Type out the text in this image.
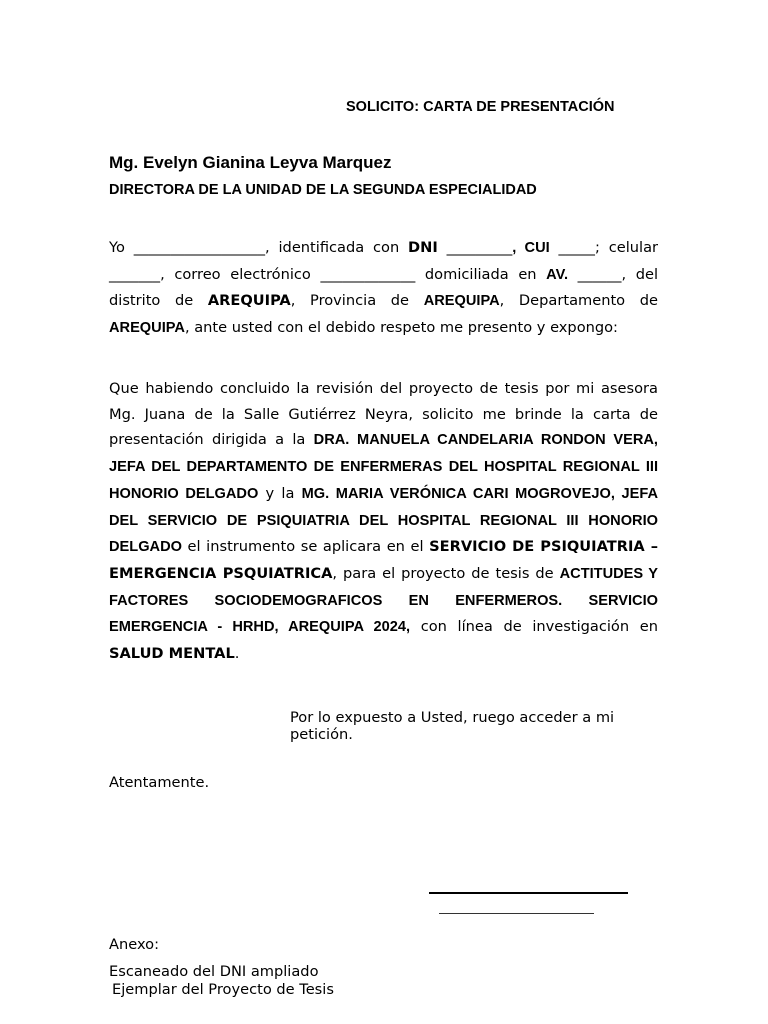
SOLICITO: CARTA DE PRESENTACIÓN
Mg. Evelyn Gianina Leyva Marquez
DIRECTORA DE LA UNIDAD DE LA SEGUNDA ESPECIALIDAD
Yo __________________, identificada con DNI _________, CUI _____; celular _______, correo electrónico _____________ domiciliada en AV. ______, del distrito de AREQUIPA, Provincia de AREQUIPA, Departamento de AREQUIPA, ante usted con el debido respeto me presento y expongo:
Que habiendo concluido la revisión del proyecto de tesis por mi asesora Mg. Juana de la Salle Gutiérrez Neyra, solicito me brinde la carta de presentación dirigida a la DRA. MANUELA CANDELARIA RONDON VERA, JEFA DEL DEPARTAMENTO DE ENFERMERAS DEL HOSPITAL REGIONAL III HONORIO DELGADO y la MG. MARIA VERÓNICA CARI MOGROVEJO, JEFA DEL SERVICIO DE PSIQUIATRIA DEL HOSPITAL REGIONAL III HONORIO DELGADO el instrumento se aplicara en el SERVICIO DE PSIQUIATRIA – EMERGENCIA PSQUIATRICA, para el proyecto de tesis de ACTITUDES Y FACTORES SOCIODEMOGRAFICOS EN ENFERMEROS. SERVICIO EMERGENCIA - HRHD, AREQUIPA 2024, con línea de investigación en SALUD MENTAL.
Por lo expuesto a Usted, ruego acceder a mi petición.
Atentamente.
Anexo:
Escaneado del DNI ampliado
Ejemplar del Proyecto de Tesis
